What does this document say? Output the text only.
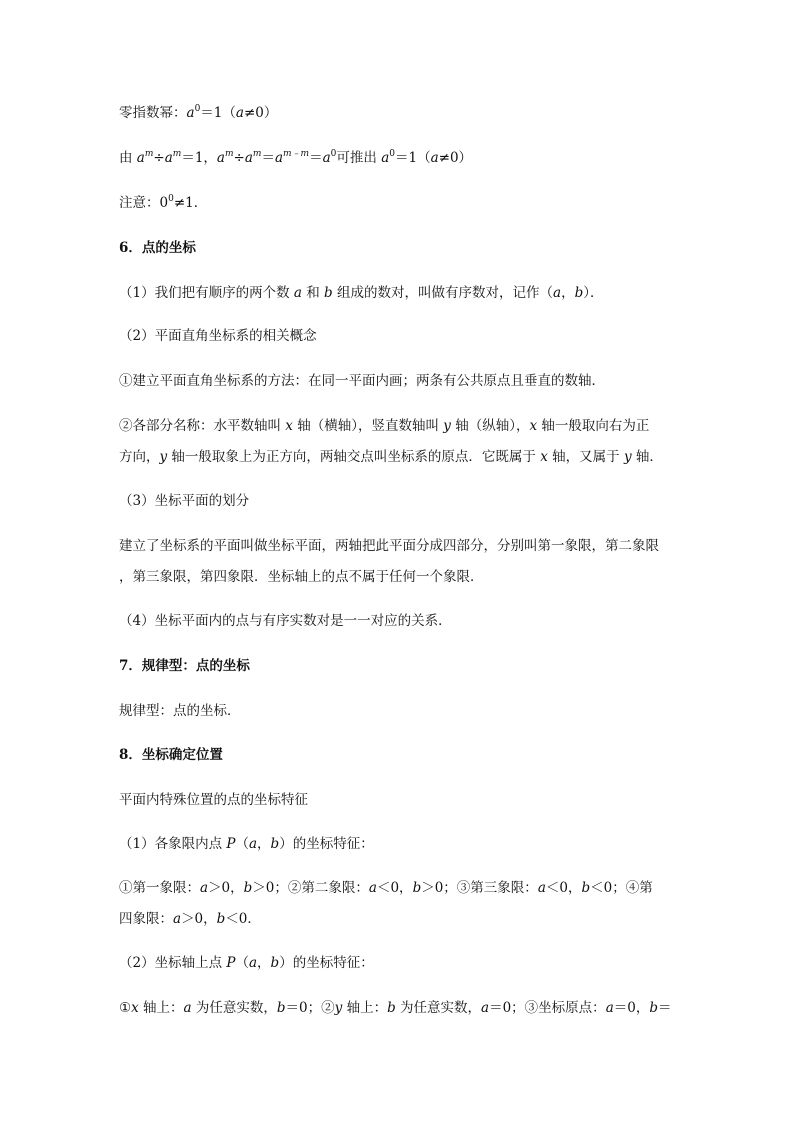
零指数幂：$a^0=1(a\ne 0)$
由 $a^m\div a^m=1$，$a^m\div a^m=a^{m﹣m}=a^0$可推出 $a^0=1(a\ne 0)$
注意：$0^0\ne 1$．
6．点的坐标
（1）我们把有顺序的两个数 a 和 b 组成的数对，叫做有序数对，记作（a，b）．
（2）平面直角坐标系的相关概念
①建立平面直角坐标系的方法：在同一平面内画；两条有公共原点且垂直的数轴．
②各部分名称：水平数轴叫 x 轴（横轴），竖直数轴叫 y 轴（纵轴），x 轴一般取向右为正
方向，y 轴一般取象上为正方向，两轴交点叫坐标系的原点．它既属于 x 轴，又属于 y 轴．
（3）坐标平面的划分
建立了坐标系的平面叫做坐标平面，两轴把此平面分成四部分，分别叫第一象限，第二象限
，第三象限，第四象限．坐标轴上的点不属于任何一个象限．
（4）坐标平面内的点与有序实数对是一一对应的关系．
7．规律型：点的坐标
规律型：点的坐标．
8．坐标确定位置
平面内特殊位置的点的坐标特征
（1）各象限内点 P（a，b）的坐标特征：
①第一象限：a＞0，b＞0；②第二象限：a＜0，b＞0；③第三象限：a＜0，b＜0；④第
四象限：a＞0，b＜0．
（2）坐标轴上点 P（a，b）的坐标特征：
①x 轴上：a 为任意实数，b＝0；②y 轴上：b 为任意实数，a＝0；③坐标原点：a＝0，b＝
